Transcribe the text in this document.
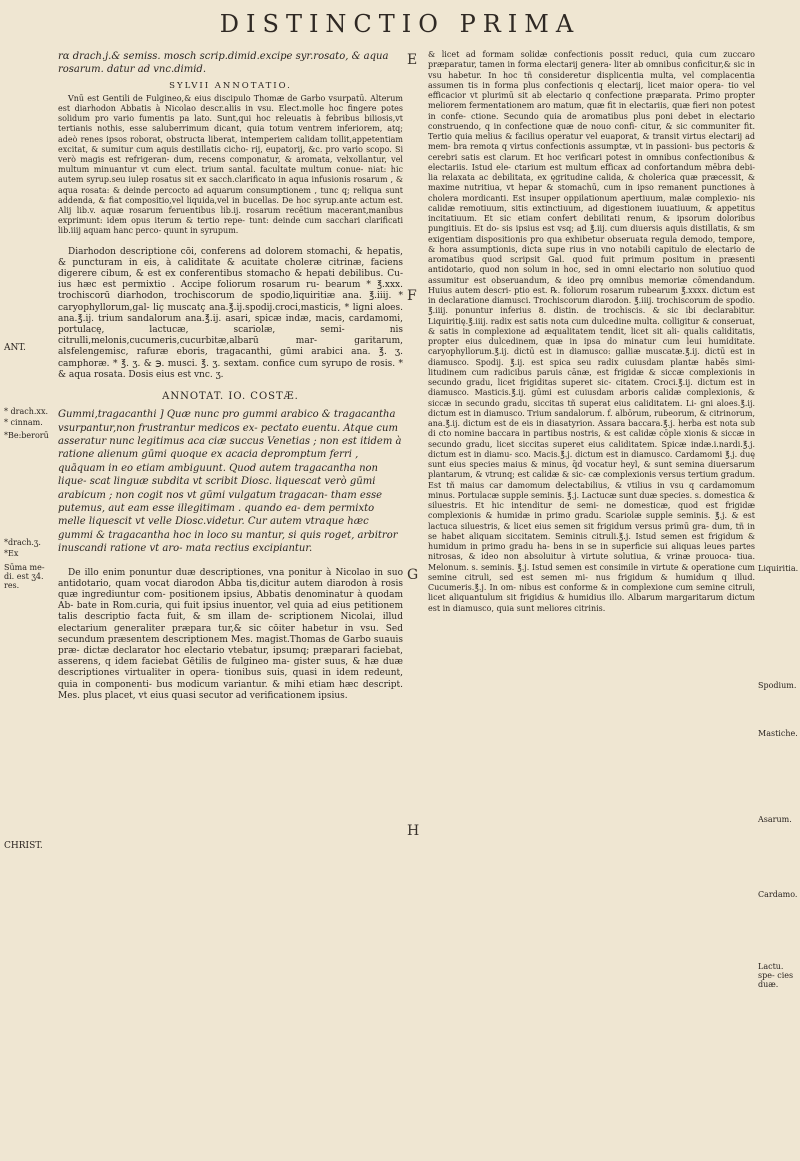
DISTINCTIO PRIMA
E
F
G
H
ANT.
* drach.xx.
* cinnam.
*Be:berorū
*drach.ʒ.
*Ex
Sūma me- di. est ʒ4. res.
CHRIST.
Liquiritia.
Spodium.
Mastiche.
Asarum.
Cardamo.
Lactu. spe- cies duæ.

rα drach.j.& semiss. mosch scrip.dimid.excipe syr.rosato, & aqua rosarum. datur ad vnc.dimid.

SYLVII ANNOTATIO.

Vnū est Gentili de Fulgineo,& eius discipulo Thomæ de Garbo vsurpatū. Alterum est diarhodon Abbatis à Nicolao descr.aliis in vsu. Elect.molle hoc fingere potes solidum pro vario fumentis pa lato. Sunt,qui hoc releuatis à febribus biliosis,vt tertianis nothis, esse saluberrimum dicant, quia totum ventrem inferiorem, atq; adeò renes ipsos roborat, obstructa liberat, intemperiem calidam tollit,appetentiam excitat, & sumitur cum aquis destillatis cicho- rij, eupatorij, &c. pro vario scopo. Si verò magis est refrigeran- dum, recens componatur, & aromata, velxollantur, vel multum minuantur vt cum elect. trium santal. facultate multum conue- niat: hic autem syrup.seu iulep rosatus sit ex sacch.clarificato in aqua infusionis rosarum , & aqua rosata: & deinde percocto ad aquarum consumptionem , tunc q; reliqua sunt addenda, & fiat compositio,vel liquida,vel in bucellas. De hoc syrup.ante actum est. Alij lib.v. aquæ rosarum feruentibus lib.ij. rosarum recētium macerant,manibus exprimunt: idem opus iterum & tertio repe- tunt: deinde cum sacchari clarificati lib.iiij aquam hanc perco- quunt in syrupum.

Diarhodon descriptione cōi, conferens ad dolorem stomachi, & hepatis, & puncturam in eis, à caliditate & acuitate choleræ citrinæ, faciens digerere cibum, & est ex conferentibus stomacho & hepati debilibus. Cu- ius hæc est permixtio . Accipe foliorum rosarum ru- bearum * ℥.xxx. trochiscorū diarhodon, trochiscorum de spodio,liquiritiæ ana. ℥.iiij. * caryophyllorum,gal- liç muscatç ana.℥.ij.spodij.croci,masticis, * ligni aloes. ana.℥.ij. trium sandalorum ana.℥.ij. asari, spicæ indæ, macis, cardamomi, portulacę, lactucæ, scariolæ, semi- nis citrulli,melonis,cucumeris,cucurbitæ,albarū mar- garitarum, alsfelengemisc, rafuræ eboris, tragacanthi, gūmi arabici ana. ℥. ʒ. camphoræ. * ℥. ʒ. & ℈. musci. ℥. ʒ. sextam. confice cum syrupo de rosis. * & aqua rosata. Dosis eius est vnc. ʒ.

ANNOTAT. IO. COSTÆ.

Gummi,tragacanthi ] Quæ nunc pro gummi arabico & tragacantha vsurpantur,non frustrantur medicos ex- pectato euentu. Atque cum asseratur nunc legitimus aca ciæ succus Venetias ; non est itidem à ratione alienum gūmi quoque ex acacia depromptum ferri , quāquam in eo etiam ambiguunt. Quod autem tragacantha non lique- scat linguæ subdita vt scribit Diosc. liquescat verò gūmi arabicum ; non cogit nos vt gūmi vulgatum tragacan- tham esse putemus, aut eam esse illegitimam . quando ea- dem permixto melle liquescit vt velle Diosc.videtur. Cur autem vtraque hæc gummi & tragacantha hoc in loco su mantur, si quis roget, arbitror inuscandi ratione vt aro- mata rectius excipiantur.

De illo enim ponuntur duæ descriptiones, vna ponitur à Nicolao in suo antidotario, quam vocat diarodon Abba tis,dicitur autem diarodon à rosis quæ ingrediuntur com- positionem ipsius, Abbatis denominatur à quodam Ab- bate in Rom.curia, qui fuit ipsius inuentor, vel quia ad eius petitionem talis descriptio facta fuit, & sm illam de- scriptionem Nicolai, illud electarium generaliter præpara tur,& sic cōiter habetur in vsu. Sed secundum præsentem descriptionem Mes. magist.Thomas de Garbo suauis præ- dictæ declarator hoc electario vtebatur, ipsumq; præparari faciebat, asserens, q idem faciebat Gētilis de fulgineo ma- gister suus, & hæ duæ descriptiones virtualiter in opera- tionibus suis, quasi in idem redeunt, quia in componenti- bus modicum variantur. & mihi etiam hæc descript. Mes. plus placet, vt eius quasi secutor ad verificationem ipsius.

& licet ad formam solidæ confectionis possit reduci, quia cum zuccaro præparatur, tamen in forma electarij genera- liter ab omnibus conficitur,& sic in vsu habetur. In hoc tñ consideretur displicentia multa, vel complacentia assumen tis in forma plus confectionis q electarij, licet maior opera- tio vel efficacior vt plurimū sit ab electario q confectione præparata. Primo propter meliorem fermentationem aro matum, quæ fit in electariis, quæ fieri non potest in confe- ctione. Secundo quia de aromatibus plus poni debet in electario construendo, q in confectione quæ de nouo confi- citur, & sic communiter fit. Tertio quia melius & facilius operatur vel euaporat, & transit virtus electarij ad mem- bra remota q virtus confectionis assumptæ, vt in passioni- bus pectoris & cerebri satis est clarum. Et hoc verificari potest in omnibus confectionibus & electariis. Istud ele- ctarium est multum efficax ad confortandum mēbra debi- lia relaxata ac debilitata, ex ęgritudine calida, & cholerica quæ præcessit, & maxime nutritiua, vt hepar & stomachū, cum in ipso remanent punctiones à cholera mordicanti. Est insuper oppilationum apertiuum, malæ complexio- nis calidæ remotiuum, sitis extinctiuum, ad digestionem iuuatiuum, & appetitus incitatiuum. Et sic etiam confert debilitati renum, & ipsorum doloribus pungitiuis. Et do- sis ipsius est vsq; ad ℥.iij. cum diuersis aquis distillatis, & sm exigentiam dispositionis pro qua exhibetur obseruata regula demodo, tempore, & hora assumptionis, dicta supe rius in vno notabili capitulo de electario de aromatibus quod scripsit Gal. quod fuit primum positum in præsenti antidotario, quod non solum in hoc, sed in omni electario non solutiuo quod assumitur est obseruandum, & ideo prę omnibus memoriæ cōmendandum. Huius autem descri- ptio est. ℞. foliorum rosarum rubearum ℥.xxxx. dictum est in declaratione diamusci. Trochiscorum diarodon. ℥.iiij. trochiscorum de spodio. ℥.iiij. ponuntur inferius 8. distin. de trochiscis. & sic ibi declarabitur. Liquiritię.℥.iiij. radix est satis nota cum dulcedine multa. colligitur & conseruat, & satis in complexione ad æqualitatem tendit, licet sit ali- qualis caliditatis, propter eius dulcedinem, quæ in ipsa do minatur cum leui humiditate. caryophyllorum.℥.ij. dictū est in diamusco: galliæ muscatæ.℥.ij. dictū est in diamusco. Spodij. ℥.ij. est spica seu radix cuiusdam plantæ habēs simi- litudinem cum radicibus paruis cānæ, est frigidæ & siccæ complexionis in secundo gradu, licet frigiditas superet sic- citatem. Croci.℥.ij. dictum est in diamusco. Masticis.℥.ij. gūmi est cuiusdam arboris calidæ complexionis, & siccæ in secundo gradu, siccitas tñ superat eius caliditatem. Li- gni aloes.℥.ij. dictum est in diamusco. Trium sandalorum. f. albōrum, rubeorum, & citrinorum, ana.℥.ij. dictum est de eis in diasatyrion. Assara baccara.℥.j. herba est nota sub di cto nomine baccara in partibus nostris, & est calidæ cōple xionis & siccæ in secundo gradu, licet siccitas superet eius caliditatem. Spicæ indæ.i.nardi.℥.j. dictum est in diamu- sco. Macis.℥.j. dictum est in diamusco. Cardamomi ℥.j. duę sunt eius species maius & minus, q̄d vocatur heyl, & sunt semina diuersarum plantarum, & vtrunq; est calidæ & sic- cæ complexionis versus tertium gradum. Est tñ maius car damomum delectabilius, & vtilius in vsu q cardamomum minus. Portulacæ supple seminis. ℥.j. Lactucæ sunt duæ species. s. domestica & siluestris. Et hic intenditur de semi- ne domesticæ, quod est frigidæ complexionis & humidæ in primo gradu. Scariolæ supple seminis. ℥.j. & est lactuca siluestris, & licet eius semen sit frigidum versus primū gra- dum, tñ in se habet aliquam siccitatem. Seminis citruli.℥.j. Istud semen est frigidum & humidum in primo gradu ha- bens in se in superficie sui aliquas leues partes nitrosas, & ideo non absoluitur à virtute solutiua, & vrinæ prouoca- tiua. Melonum. s. seminis. ℥.j. Istud semen est consimile in virtute & operatione cum semine citruli, sed est semen mi- nus frigidum & humidum q illud. Cucumeris.℥.j. In om- nibus est conforme & in complexione cum semine citruli, licet aliquantulum sit frigidius & humidius illo. Albarum margaritarum dictum est in diamusco, quia sunt meliores citrinis.
